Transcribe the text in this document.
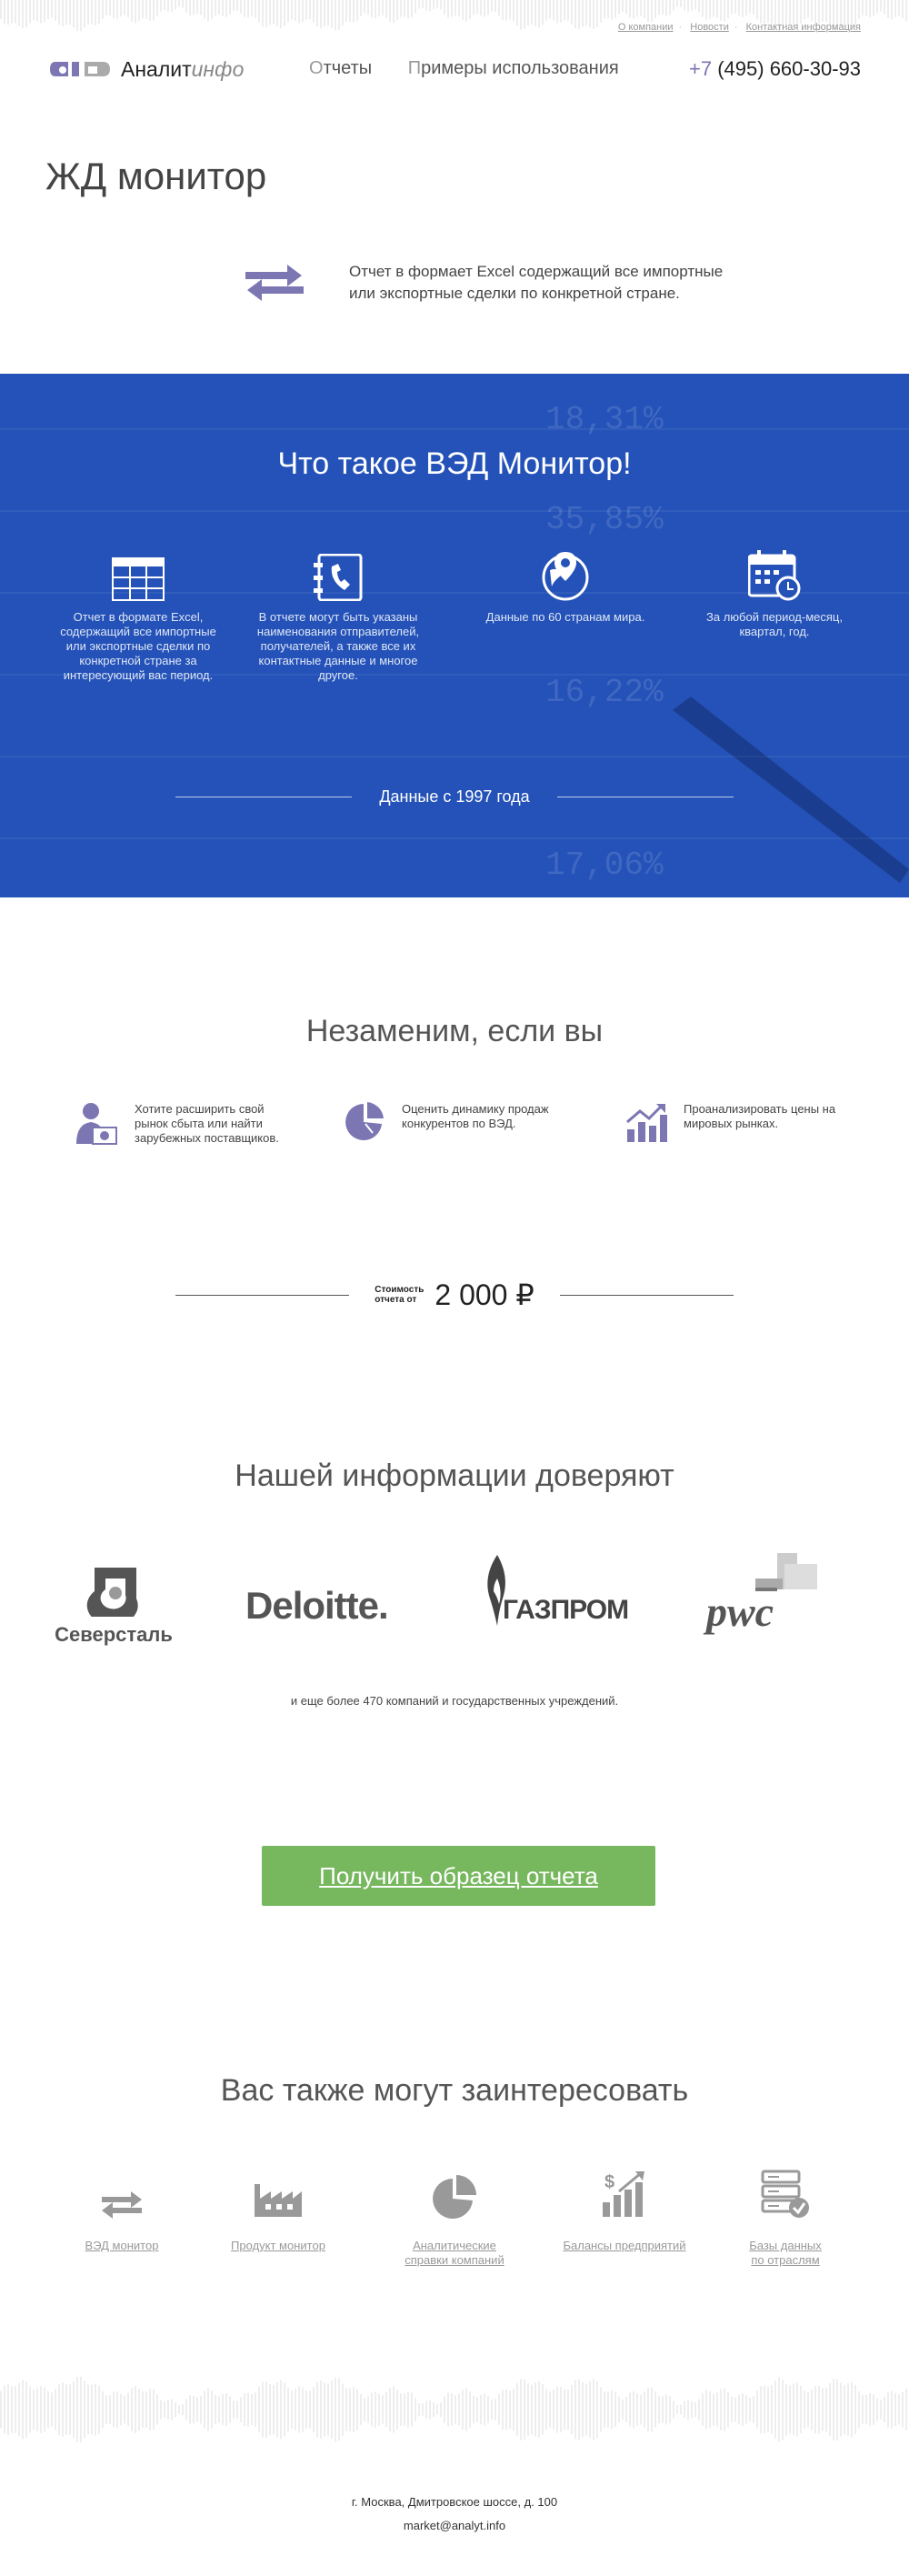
О компании · Новости · Контактная информация
Аналитинфо	Отчеты Примеры использования	+7 (495) 660-30-93
ЖД монитор
Отчет в формает Excel содержащий все импортные или экспортные сделки по конкретной стране.
18,31%
35,85%
16,22%
17,06%
Что такое ВЭД Монитор!
Отчет в формате Excel, содержащий все импортные или экспортные сделки по конкретной стране за интересующий вас период.
В отчете могут быть указаны наименования отправителей, получателей, а также все их контактные данные и многое другое.
Данные по 60 странам мира.	За любой период-месяц, квартал, год.
Данные с 1997 года
Незаменим, если вы
Хотите расширить свой рынок сбыта или найти зарубежных поставщиков.
Оценить динамику продаж конкурентов по ВЭД.
Проанализировать цены на мировых рынках.
Стоимость
отчета от 2 000 ₽
Нашей информации доверяют
Северсталь
Deloitte.	ГАЗПРОМ pwc
и еще более 470 компаний и государственных учреждений.
Получить образец отчета
Вас также могут заинтересовать
ВЭД монитор	Продукт монитор	Аналитические
справки компаний
$
Балансы предприятий	Базы данных
по отраслям
г. Москва, Дмитровское шоссе, д. 100
market@analyt.info
